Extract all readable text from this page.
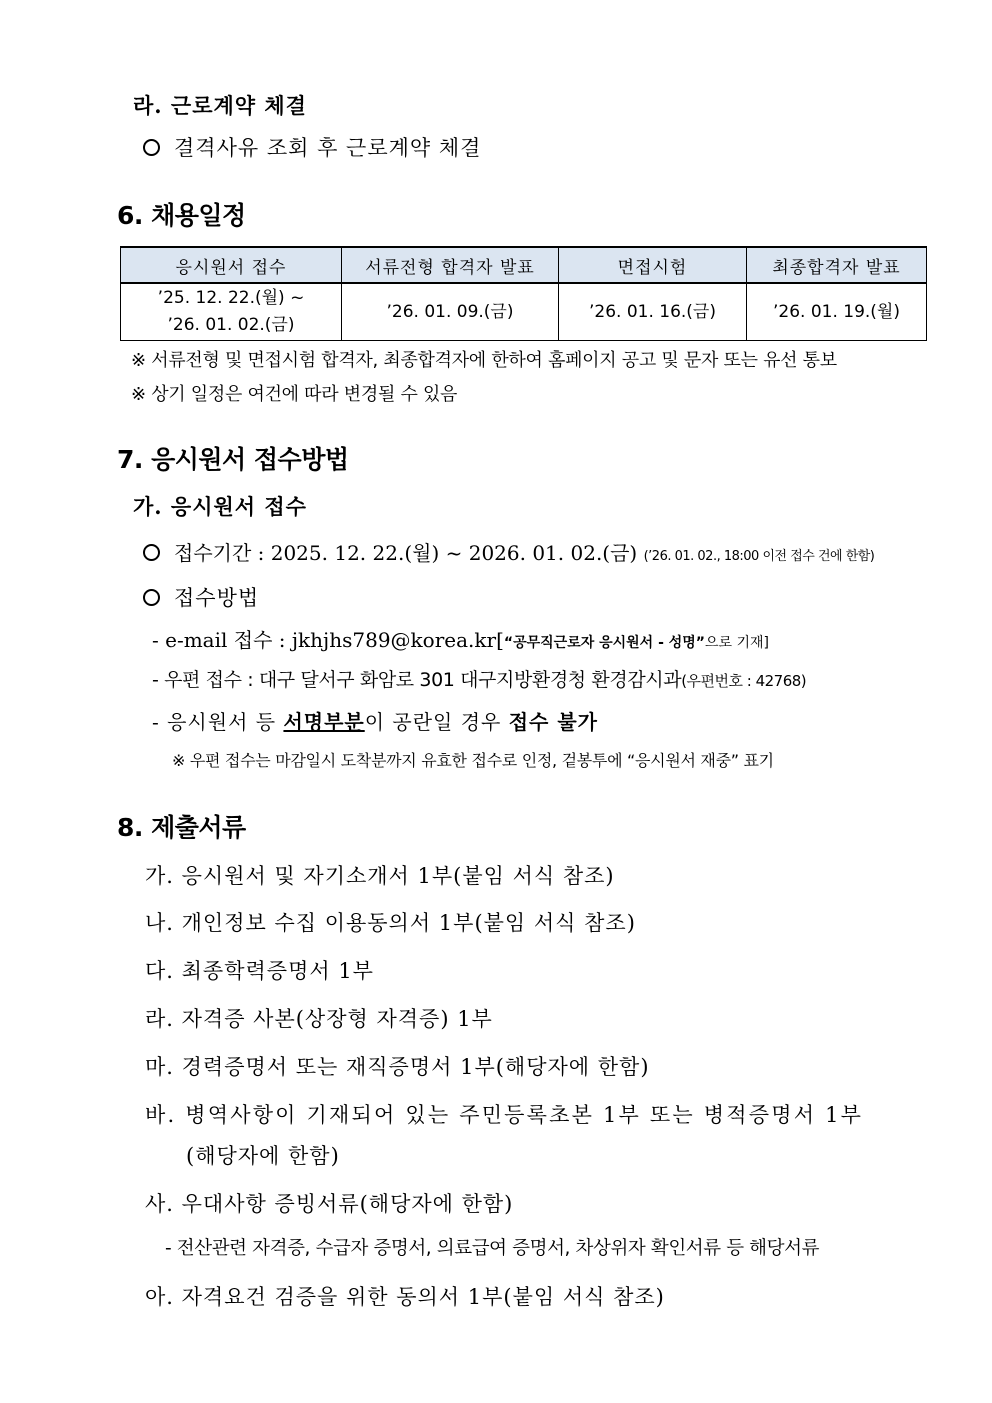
라. 근로계약 체결
결격사유 조회 후 근로계약 체결
6. 채용일정
응시원서 접수	서류전형 합격자 발표	면접시험	최종합격자 발표

’25. 12. 22.(월) ~
’26. 01. 02.(금)	’26. 01. 09.(금)	’26. 01. 16.(금)	’26. 01. 19.(월)
※ 서류전형 및 면접시험 합격자, 최종합격자에 한하여 홈페이지 공고 및 문자 또는 유선 통보
※ 상기 일정은 여건에 따라 변경될 수 있음
7. 응시원서 접수방법
가. 응시원서 접수
접수기간 : 2025. 12. 22.(월) ~ 2026. 01. 02.(금) (’26. 01. 02., 18:00 이전 접수 건에 한함)
접수방법
- e-mail 접수 : jkhjhs789@korea.kr[“공무직근로자 응시원서 - 성명”으로 기재]
- 우편 접수 : 대구 달서구 화암로 301 대구지방환경청 환경감시과(우편번호 : 42768)
- 응시원서 등 서명부분이 공란일 경우 접수 불가
※ 우편 접수는 마감일시 도착분까지 유효한 접수로 인정, 겉봉투에 “응시원서 재중” 표기
8. 제출서류
가. 응시원서 및 자기소개서 1부(붙임 서식 참조)
나. 개인정보 수집 이용동의서 1부(붙임 서식 참조)
다. 최종학력증명서 1부
라. 자격증 사본(상장형 자격증) 1부
마. 경력증명서 또는 재직증명서 1부(해당자에 한함)
바. 병역사항이 기재되어 있는 주민등록초본 1부 또는 병적증명서 1부
(해당자에 한함)
사. 우대사항 증빙서류(해당자에 한함)
- 전산관련 자격증, 수급자 증명서, 의료급여 증명서, 차상위자 확인서류 등 해당서류
아. 자격요건 검증을 위한 동의서 1부(붙임 서식 참조)
